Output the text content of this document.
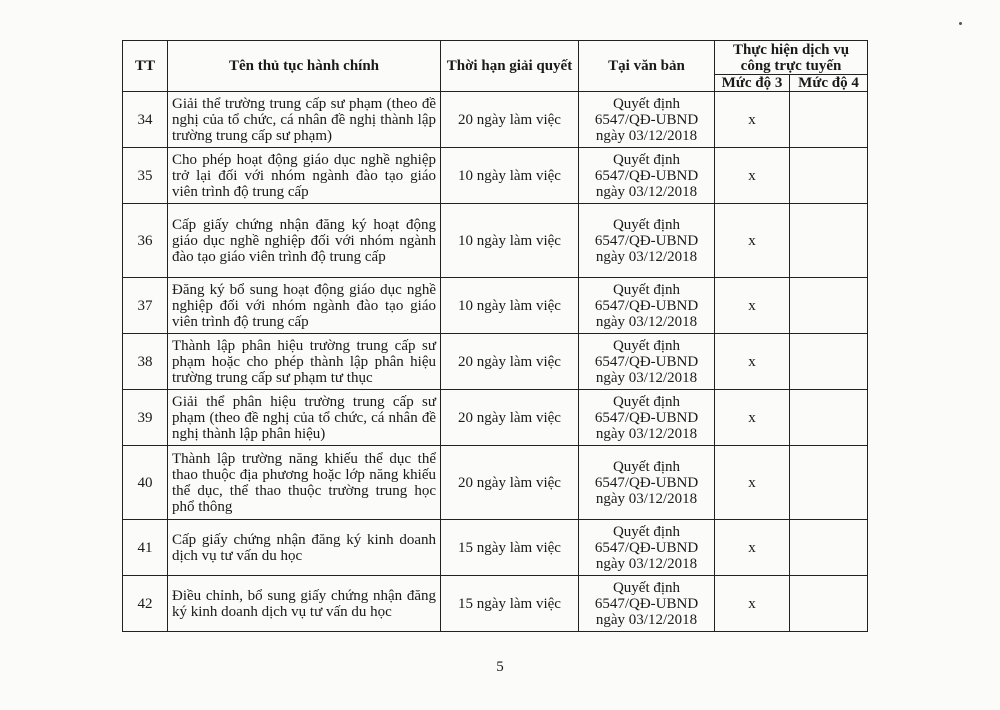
TT	Tên thủ tục hành chính	Thời hạn giải quyết	Tại văn bản	Thực hiện dịch vụ công trực tuyến	
				Mức độ 3	Mức độ 4
34	Giải thể trường trung cấp sư phạm (theo đề nghị của tổ chức, cá nhân đề nghị thành lập trường trung cấp sư phạm)	20 ngày làm việc	Quyết định
6547/QĐ-UBND
ngày 03/12/2018	x	
35	Cho phép hoạt động giáo dục nghề nghiệp trở lại đối với nhóm ngành đào tạo giáo viên trình độ trung cấp	10 ngày làm việc	Quyết định
6547/QĐ-UBND
ngày 03/12/2018	x	
36	Cấp giấy chứng nhận đăng ký hoạt động giáo dục nghề nghiệp đối với nhóm ngành đào tạo giáo viên trình độ trung cấp	10 ngày làm việc	Quyết định
6547/QĐ-UBND
ngày 03/12/2018	x	
37	Đăng ký bổ sung hoạt động giáo dục nghề nghiệp đối với nhóm ngành đào tạo giáo viên trình độ trung cấp	10 ngày làm việc	Quyết định
6547/QĐ-UBND
ngày 03/12/2018	x	
38	Thành lập phân hiệu trường trung cấp sư phạm hoặc cho phép thành lập phân hiệu trường trung cấp sư phạm tư thục	20 ngày làm việc	Quyết định
6547/QĐ-UBND
ngày 03/12/2018	x	
39	Giải thể phân hiệu trường trung cấp sư phạm (theo đề nghị của tổ chức, cá nhân đề nghị thành lập phân hiệu)	20 ngày làm việc	Quyết định
6547/QĐ-UBND
ngày 03/12/2018	x	
40	Thành lập trường năng khiếu thể dục thể thao thuộc địa phương hoặc lớp năng khiếu thể dục, thể thao thuộc trường trung học phổ thông	20 ngày làm việc	Quyết định
6547/QĐ-UBND
ngày 03/12/2018	x	
41	Cấp giấy chứng nhận đăng ký kinh doanh dịch vụ tư vấn du học	15 ngày làm việc	Quyết định
6547/QĐ-UBND
ngày 03/12/2018	x	
42	Điều chỉnh, bổ sung giấy chứng nhận đăng ký kinh doanh dịch vụ tư vấn du học	15 ngày làm việc	Quyết định
6547/QĐ-UBND
ngày 03/12/2018	x	
5
